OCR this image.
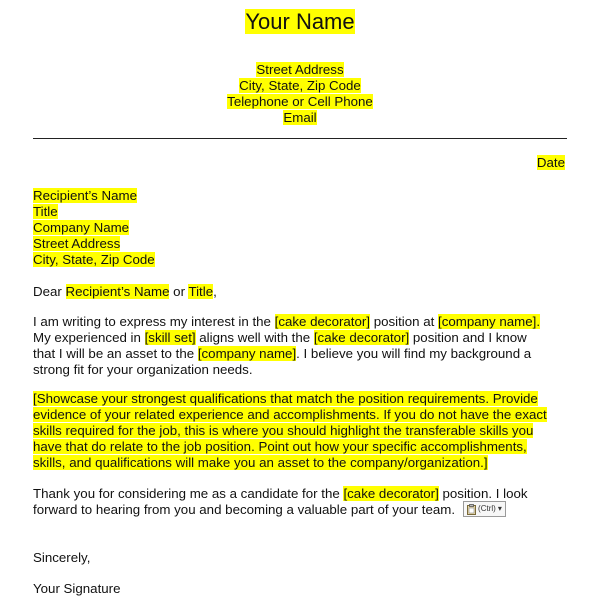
Your Name
Street Address
City, State, Zip Code
Telephone or Cell Phone
Email
Date
Recipient’s Name
Title
Company Name
Street Address
City, State, Zip Code
Dear Recipient’s Name or Title,
I am writing to express my interest in the [cake decorator] position at [company name].
My experienced in [skill set] aligns well with the [cake decorator] position and I know
that I will be an asset to the [company name]. I believe you will find my background a
strong fit for your organization needs.
[Showcase your strongest qualifications that match the position requirements. Provide
evidence of your related experience and accomplishments. If you do not have the exact
skills required for the job, this is where you should highlight the transferable skills you
have that do relate to the job position. Point out how your specific accomplishments,
skills, and qualifications will make you an asset to the company/organization.]
Thank you for considering me as a candidate for the [cake decorator] position. I look
forward to hearing from you and becoming a valuable part of your team.	(Ctrl) ▾
Sincerely,
Your Signature
